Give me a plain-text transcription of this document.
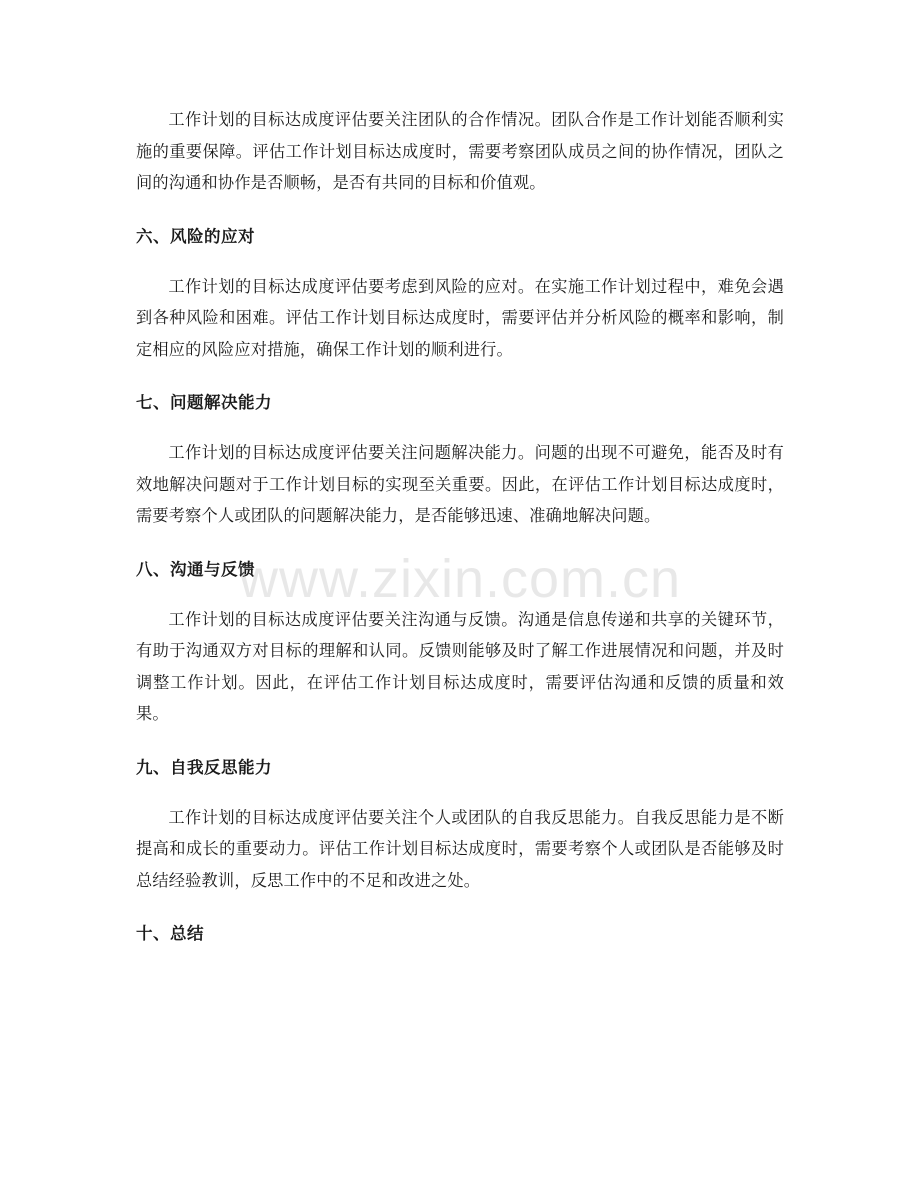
工作计划的目标达成度评估要关注团队的合作情况。团队合作是工作计划能否顺利实施的重要保障。评估工作计划目标达成度时，需要考察团队成员之间的协作情况，团队之间的沟通和协作是否顺畅，是否有共同的目标和价值观。

六、风险的应对

工作计划的目标达成度评估要考虑到风险的应对。在实施工作计划过程中，难免会遇到各种风险和困难。评估工作计划目标达成度时，需要评估并分析风险的概率和影响，制定相应的风险应对措施，确保工作计划的顺利进行。

七、问题解决能力

工作计划的目标达成度评估要关注问题解决能力。问题的出现不可避免，能否及时有效地解决问题对于工作计划目标的实现至关重要。因此，在评估工作计划目标达成度时，需要考察个人或团队的问题解决能力，是否能够迅速、准确地解决问题。

八、沟通与反馈

工作计划的目标达成度评估要关注沟通与反馈。沟通是信息传递和共享的关键环节，有助于沟通双方对目标的理解和认同。反馈则能够及时了解工作进展情况和问题，并及时调整工作计划。因此，在评估工作计划目标达成度时，需要评估沟通和反馈的质量和效果。

九、自我反思能力

工作计划的目标达成度评估要关注个人或团队的自我反思能力。自我反思能力是不断提高和成长的重要动力。评估工作计划目标达成度时，需要考察个人或团队是否能够及时总结经验教训，反思工作中的不足和改进之处。

十、总结
www.zixin.com.cn
